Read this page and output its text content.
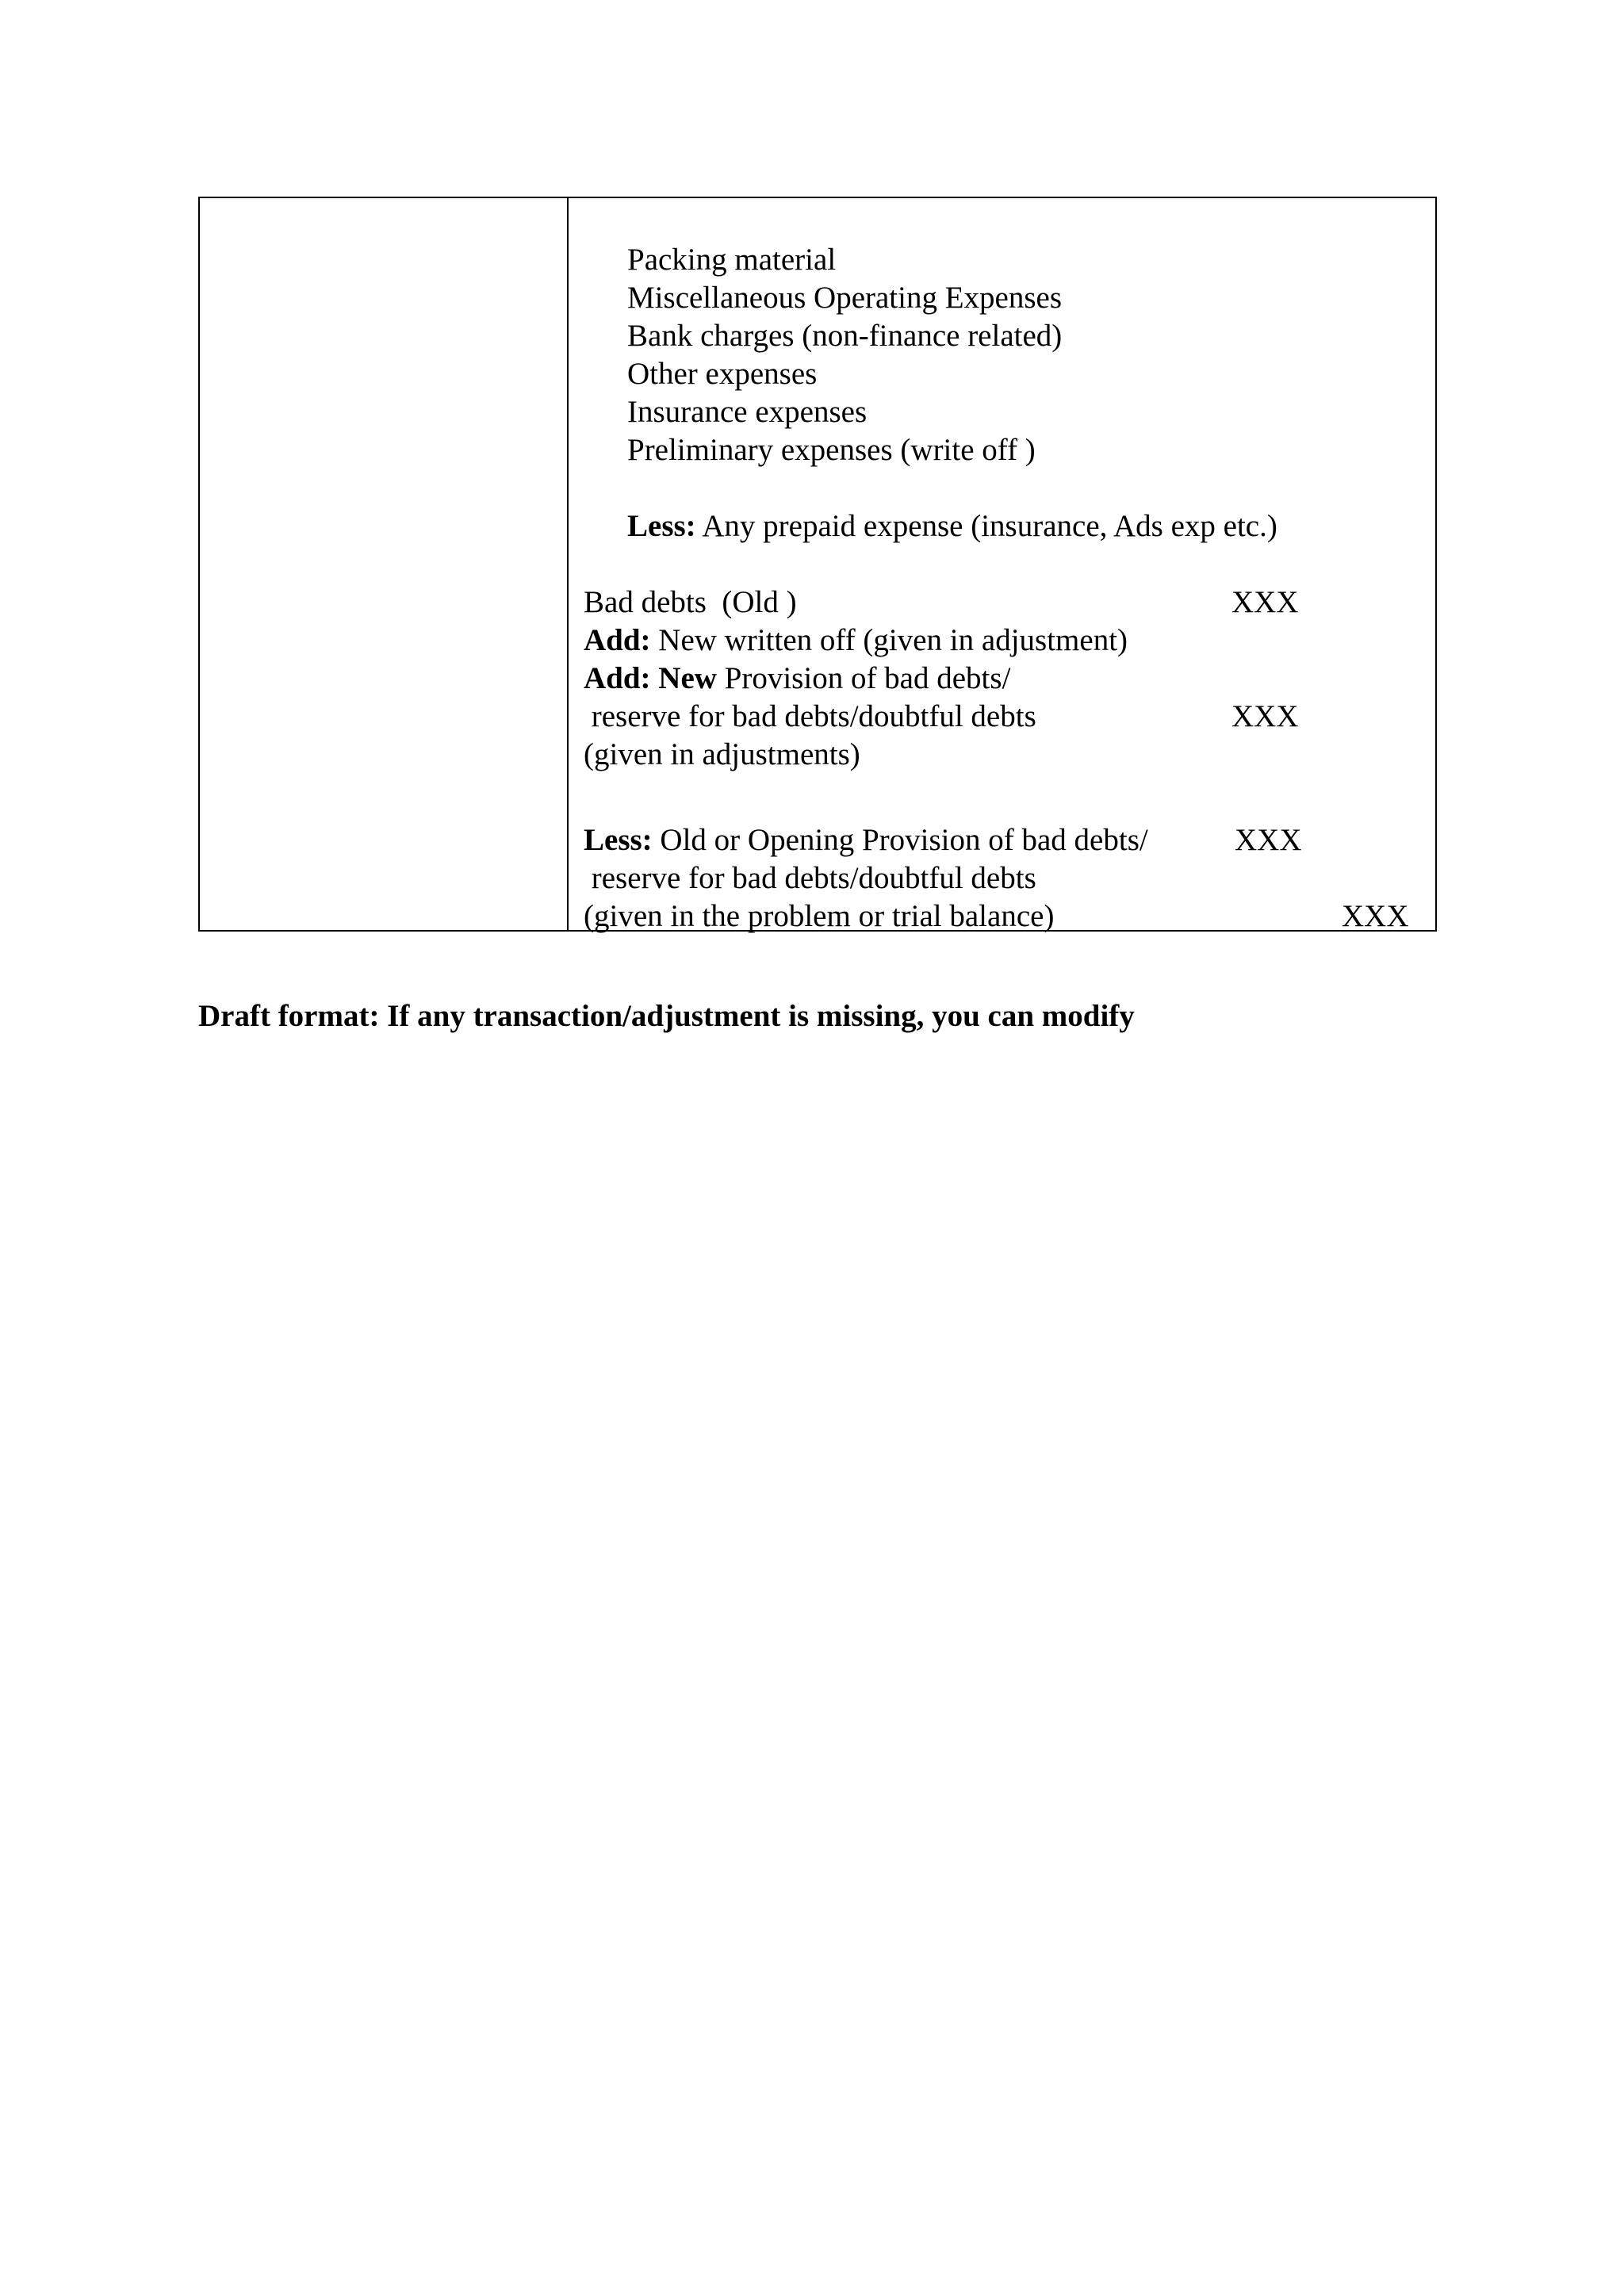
Packing material
Miscellaneous Operating Expenses
Bank charges (non-finance related)
Other expenses
Insurance expenses
Preliminary expenses (write off )
Less: Any prepaid expense (insurance, Ads exp etc.)
Bad debts  (Old )	XXX
Add: New written off (given in adjustment)
Add: New Provision of bad debts/
reserve for bad debts/doubtful debts	XXX
(given in adjustments)
Less: Old or Opening Provision of bad debts/	XXX
reserve for bad debts/doubtful debts
(given in the problem or trial balance)	XXX
Draft format: If any transaction/adjustment is missing, you can modify
